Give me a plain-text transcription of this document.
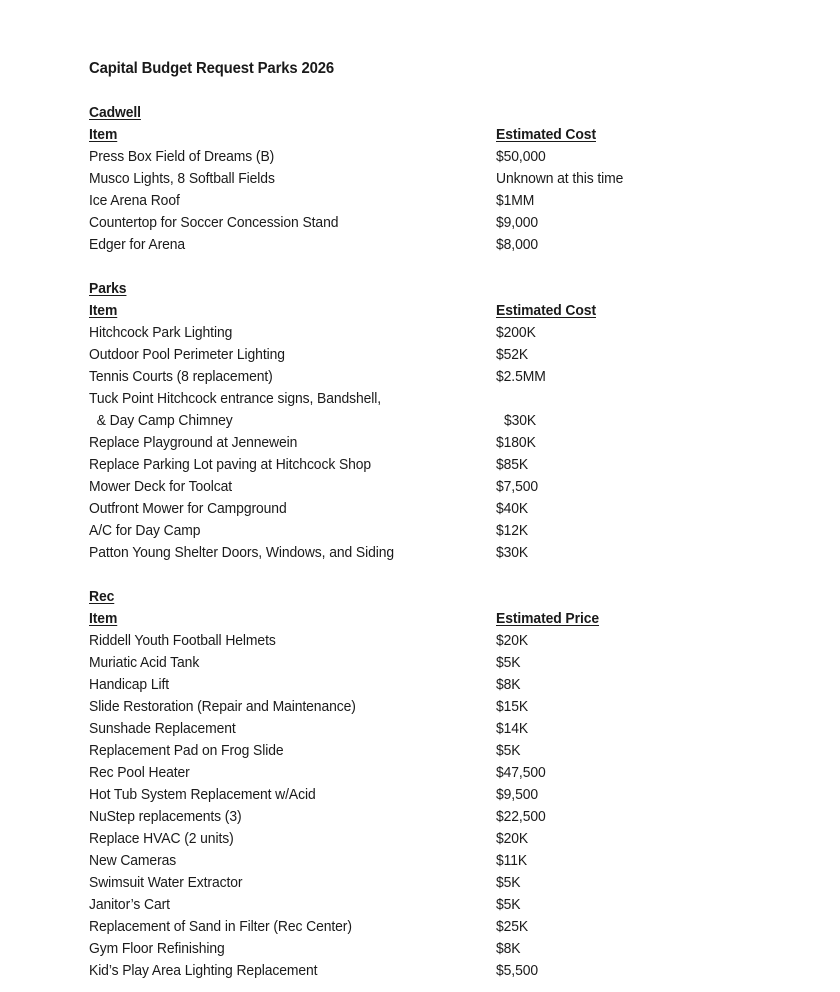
Capital Budget Request Parks 2026
Cadwell
Item	Estimated Cost
Press Box Field of Dreams (B)	$50,000
Musco Lights, 8 Softball Fields	Unknown at this time
Ice Arena Roof	$1MM
Countertop for Soccer Concession Stand	$9,000
Edger for Arena	$8,000
Parks
Item	Estimated Cost
Hitchcock Park Lighting	$200K
Outdoor Pool Perimeter Lighting	$52K
Tennis Courts (8 replacement)	$2.5MM
Tuck Point Hitchcock entrance signs, Bandshell,
& Day Camp Chimney	$30K
Replace Playground at Jennewein	$180K
Replace Parking Lot paving at Hitchcock Shop	$85K
Mower Deck for Toolcat	$7,500
Outfront Mower for Campground	$40K
A/C for Day Camp	$12K
Patton Young Shelter Doors, Windows, and Siding	$30K
Rec
Item	Estimated Price
Riddell Youth Football Helmets	$20K
Muriatic Acid Tank	$5K
Handicap Lift	$8K
Slide Restoration (Repair and Maintenance)	$15K
Sunshade Replacement	$14K
Replacement Pad on Frog Slide	$5K
Rec Pool Heater	$47,500
Hot Tub System Replacement w/Acid	$9,500
NuStep replacements (3)	$22,500
Replace HVAC (2 units)	$20K
New Cameras	$11K
Swimsuit Water Extractor	$5K
Janitor’s Cart	$5K
Replacement of Sand in Filter (Rec Center)	$25K
Gym Floor Refinishing	$8K
Kid’s Play Area Lighting Replacement	$5,500
